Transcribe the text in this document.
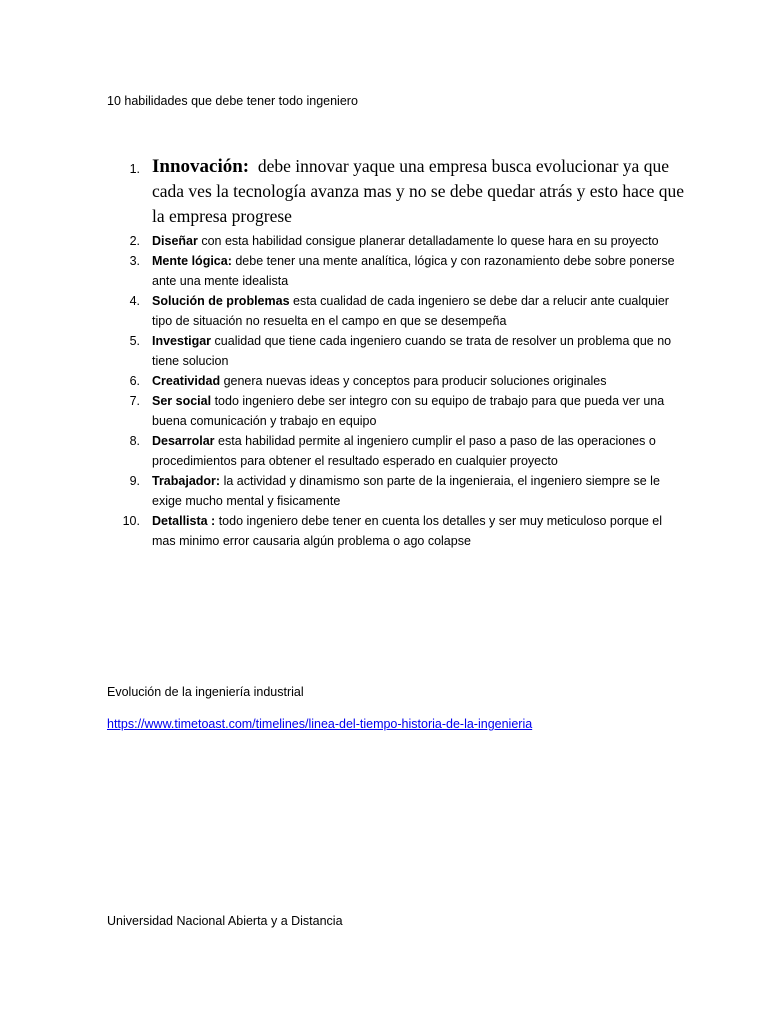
10 habilidades que debe tener todo ingeniero
1. Innovación: debe innovar yaque una empresa busca evolucionar ya que cada ves la tecnología avanza mas y no se debe quedar atrás y esto hace que la empresa progrese
2. Diseñar con esta habilidad consigue planerar detalladamente lo quese hara en su proyecto
3. Mente lógica: debe tener una mente analítica, lógica y con razonamiento debe sobre ponerse ante una mente idealista
4. Solución de problemas esta cualidad de cada ingeniero se debe dar a relucir ante cualquier tipo de situación no resuelta en el campo en que se desempeña
5. Investigar cualidad que tiene cada ingeniero cuando se trata de resolver un problema que no tiene solucion
6. Creatividad genera nuevas ideas y conceptos para producir soluciones originales
7. Ser social todo ingeniero debe ser integro con su equipo de trabajo para que pueda ver una buena comunicación y trabajo en equipo
8. Desarrolar esta habilidad permite al ingeniero cumplir el paso a paso de las operaciones o procedimientos para obtener el resultado esperado en cualquier proyecto
9. Trabajador: la actividad y dinamismo son parte de la ingenieraia, el ingeniero siempre se le exige mucho mental y fisicamente
10. Detallista : todo ingeniero debe tener en cuenta los detalles y ser muy meticuloso porque el mas minimo error causaria algún problema o ago colapse
Evolución de la ingeniería industrial
https://www.timetoast.com/timelines/linea-del-tiempo-historia-de-la-ingenieria
Universidad Nacional Abierta y a Distancia
